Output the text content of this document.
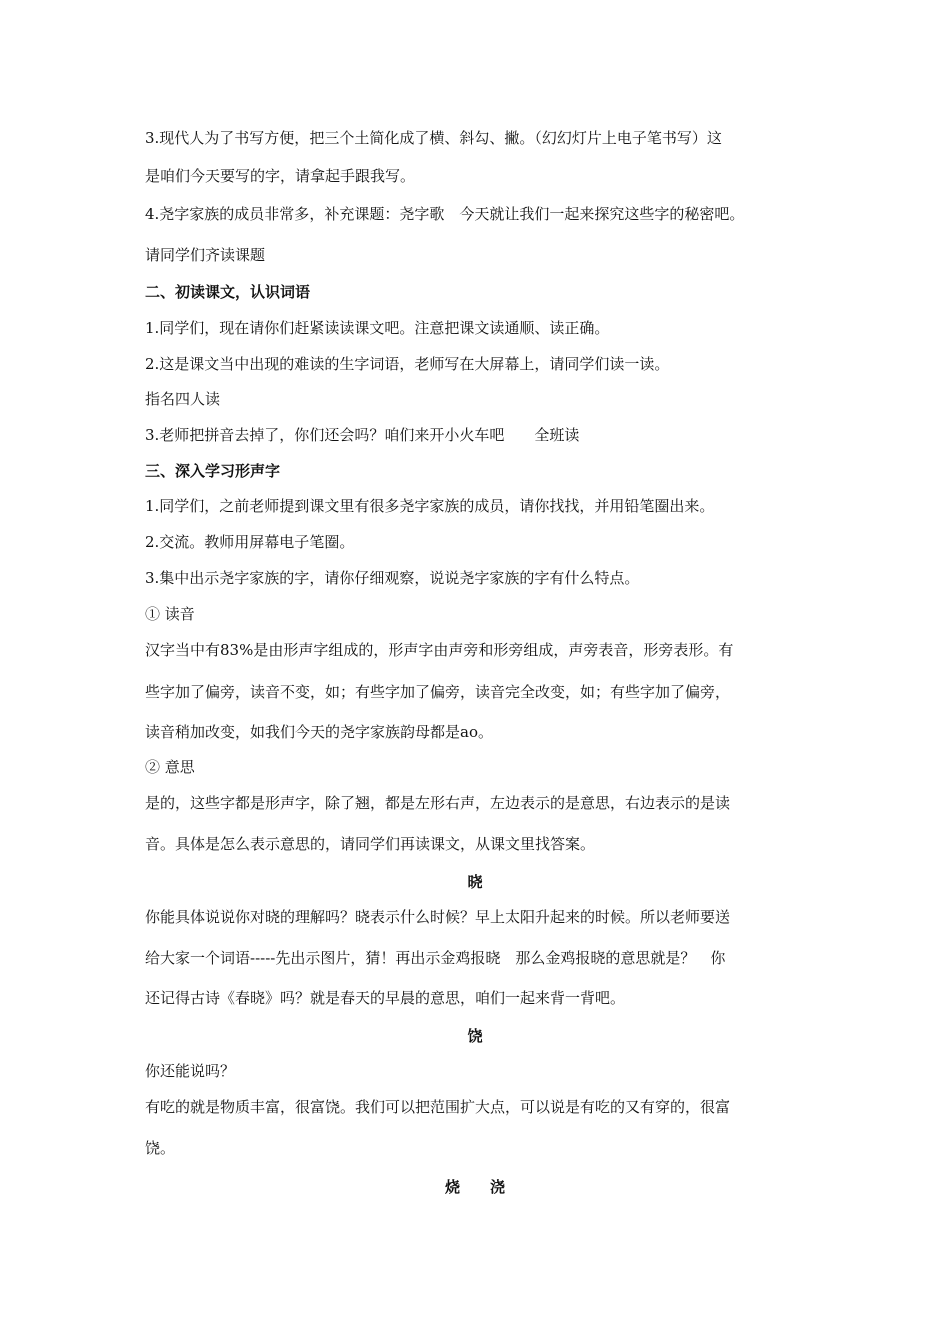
3.现代人为了书写方便，把三个土简化成了横、斜勾、撇。（幻幻灯片上电子笔书写）这
是咱们今天要写的字，请拿起手跟我写。
4.尧字家族的成员非常多，补充课题：尧字歌　今天就让我们一起来探究这些字的秘密吧。
请同学们齐读课题
二、初读课文，认识词语
1.同学们，现在请你们赶紧读读课文吧。注意把课文读通顺、读正确。
2.这是课文当中出现的难读的生字词语，老师写在大屏幕上，请同学们读一读。
指名四人读
3.老师把拼音去掉了，你们还会吗？咱们来开小火车吧　　全班读
三、深入学习形声字
1.同学们，之前老师提到课文里有很多尧字家族的成员，请你找找，并用铅笔圈出来。
2.交流。教师用屏幕电子笔圈。
3.集中出示尧字家族的字，请你仔细观察，说说尧字家族的字有什么特点。
① 读音
汉字当中有83%是由形声字组成的，形声字由声旁和形旁组成，声旁表音，形旁表形。有
些字加了偏旁，读音不变，如；有些字加了偏旁，读音完全改变，如；有些字加了偏旁，
读音稍加改变，如我们今天的尧字家族韵母都是ao。
② 意思
是的，这些字都是形声字，除了翘，都是左形右声，左边表示的是意思，右边表示的是读
音。具体是怎么表示意思的，请同学们再读课文，从课文里找答案。
晓
你能具体说说你对晓的理解吗？晓表示什么时候？早上太阳升起来的时候。所以老师要送
给大家一个词语-----先出示图片，猜！再出示金鸡报晓　那么金鸡报晓的意思就是？　你
还记得古诗《春晓》吗？就是春天的早晨的意思，咱们一起来背一背吧。
饶
你还能说吗？
有吃的就是物质丰富，很富饶。我们可以把范围扩大点，可以说是有吃的又有穿的，很富
饶。
烧　　浇
